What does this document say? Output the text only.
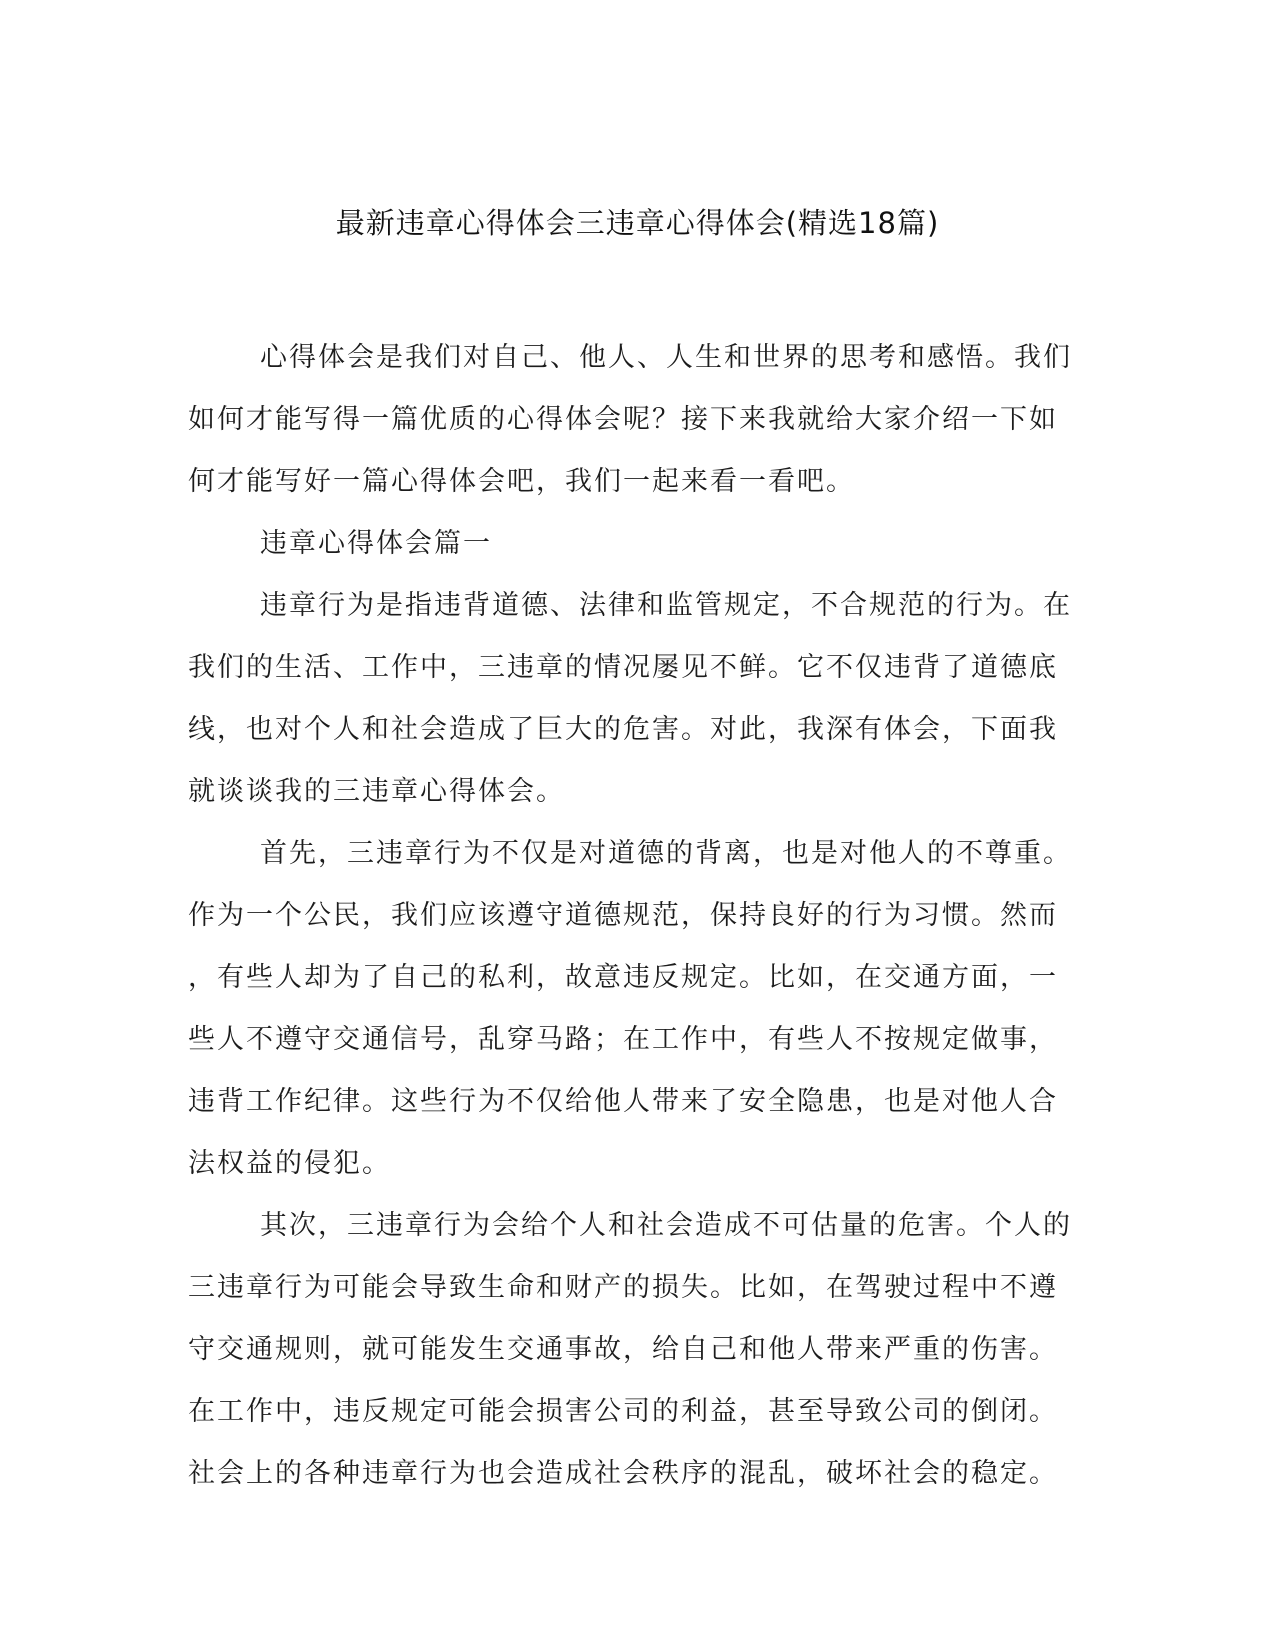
最新违章心得体会三违章心得体会(精选18篇)

心得体会是我们对自己、他人、人生和世界的思考和感悟。我们
如何才能写得一篇优质的心得体会呢？接下来我就给大家介绍一下如
何才能写好一篇心得体会吧，我们一起来看一看吧。

违章心得体会篇一

违章行为是指违背道德、法律和监管规定，不合规范的行为。在
我们的生活、工作中，三违章的情况屡见不鲜。它不仅违背了道德底
线，也对个人和社会造成了巨大的危害。对此，我深有体会，下面我
就谈谈我的三违章心得体会。

首先，三违章行为不仅是对道德的背离，也是对他人的不尊重。
作为一个公民，我们应该遵守道德规范，保持良好的行为习惯。然而
，有些人却为了自己的私利，故意违反规定。比如，在交通方面，一
些人不遵守交通信号，乱穿马路；在工作中，有些人不按规定做事，
违背工作纪律。这些行为不仅给他人带来了安全隐患，也是对他人合
法权益的侵犯。

其次，三违章行为会给个人和社会造成不可估量的危害。个人的
三违章行为可能会导致生命和财产的损失。比如，在驾驶过程中不遵
守交通规则，就可能发生交通事故，给自己和他人带来严重的伤害。
在工作中，违反规定可能会损害公司的利益，甚至导致公司的倒闭。
社会上的各种违章行为也会造成社会秩序的混乱，破坏社会的稳定。
